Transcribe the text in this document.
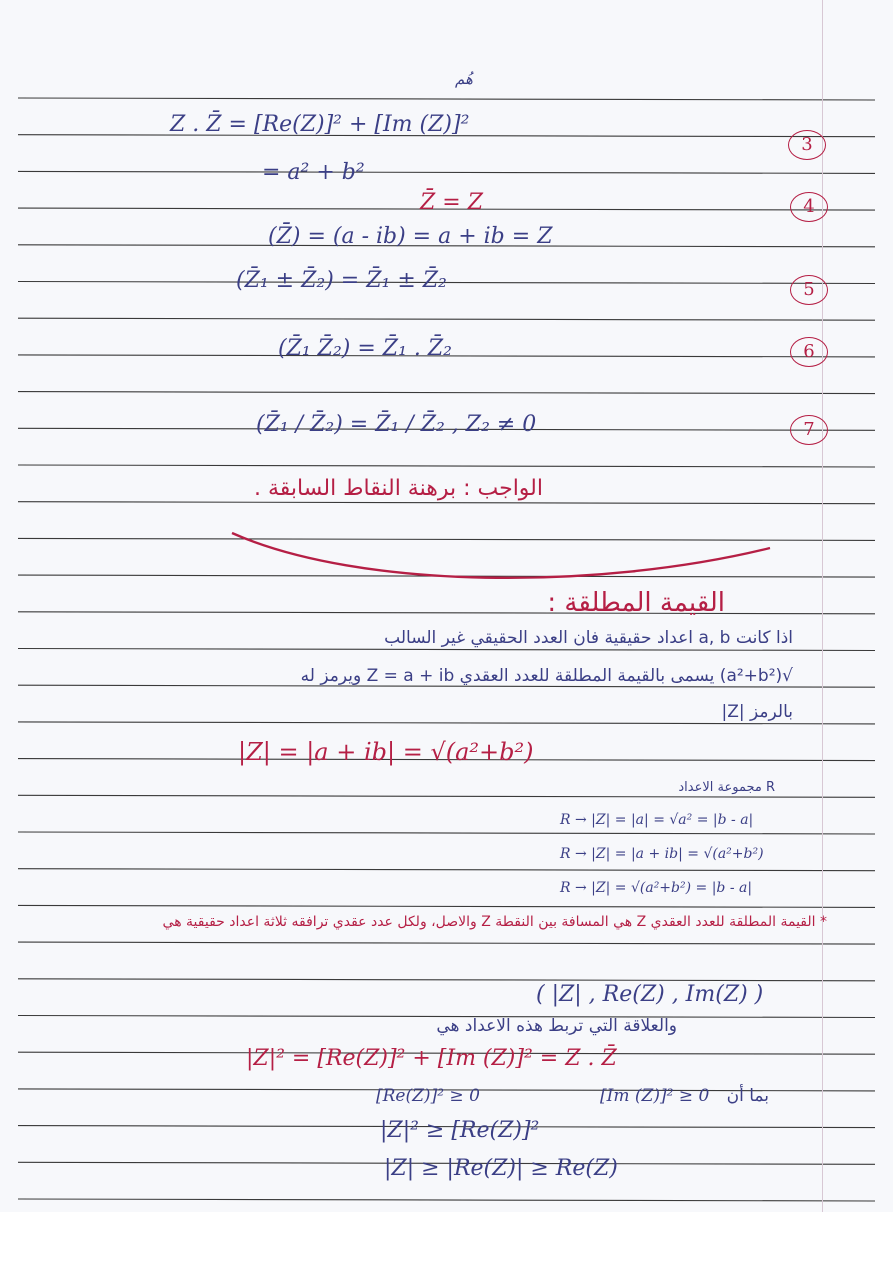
هُم
Z . Z̄ = [Re(Z)]² + [Im (Z)]²
3
= a² + b²
Z̄̄ = Z	4
(Z̄̄) = (a - ib) = a + ib = Z
(Z̄₁ ± Z̄₂) = Z̄₁ ± Z̄₂	5
(Z̄₁ Z̄₂) = Z̄₁ . Z̄₂	6
(Z̄₁ / Z̄₂) = Z̄₁ / Z̄₂ , Z₂ ≠ 0	7
الواجب : برهنة النقاط السابقة .
القيمة المطلقة :
اذا كانت a, b اعداد حقيقية فان العدد الحقيقي غير السالب
√(a²+b²) يسمى بالقيمة المطلقة للعدد العقدي Z = a + ib ويرمز له
بالرمز |Z|
|Z| = |a + ib| = √(a²+b²)
R مجموعة الاعداد
R → |Z| = |a| = √a² = |b - a|
R → |Z| = |a + ib| = √(a²+b²)
R → |Z| = √(a²+b²) = |b - a|
* القيمة المطلقة للعدد العقدي Z هي المسافة بين النقطة Z والاصل، ولكل عدد عقدي ترافقه ثلاثة اعداد حقيقية هي
( |Z| , Re(Z) , Im(Z) )
والعلاقة التي تربط هذه الاعداد هي
|Z|² = [Re(Z)]² + [Im (Z)]² = Z . Z̄
بما أن
[Re(Z)]² ≥ 0	[Im (Z)]² ≥ 0
|Z|² ≥ [Re(Z)]²
|Z| ≥ |Re(Z)| ≥ Re(Z)
